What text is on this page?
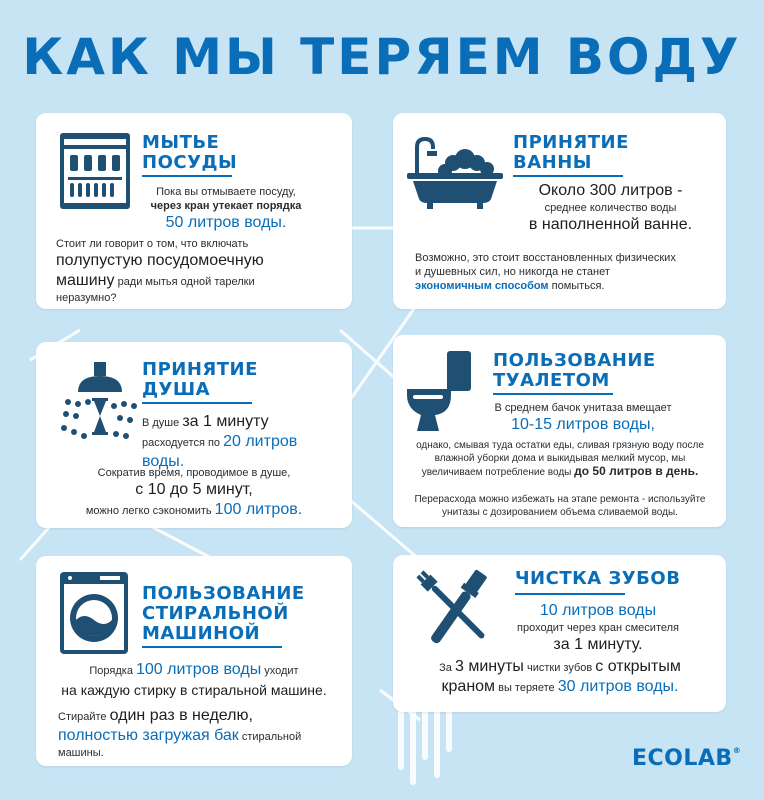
КАК МЫ ТЕРЯЕМ ВОДУ
МЫТЬЕ
ПОСУДЫ
Пока вы отмываете посуду,
через кран утекает порядка
50 литров воды.
Стоит ли говорит о том, что включать
полупустую посудомоечную
машину ради мытья одной тарелки
неразумно?
ПРИНЯТИЕ
ВАННЫ
Около 300 литров -
среднее количество воды
в наполненной ванне.
Возможно, это стоит восстановленных физических
и душевных сил, но никогда не станет
экономичным способом помыться.
ПРИНЯТИЕ
ДУША
В душе за 1 минуту
расходуется по 20 литров
воды.
Сократив время, проводимое в душе,
с 10 до 5 минут,
можно легко сэкономить 100 литров.
ПОЛЬЗОВАНИЕ
ТУАЛЕТОМ
В среднем бачок унитаза вмещает
10-15 литров воды,
однако, смывая туда остатки еды, сливая грязную воду после
влажной уборки дома и выкидывая мелкий мусор, мы
увеличиваем потребление воды до 50 литров в день.
Перерасхода можно избежать на этапе ремонта - используйте
унитазы с дозированием объема сливаемой воды.
ПОЛЬЗОВАНИЕ
СТИРАЛЬНОЙ
МАШИНОЙ
Порядка 100 литров воды уходит
на каждую стирку в стиральной машине.
Стирайте один раз в неделю,
полностью загружая бак стиральной
машины.
ЧИСТКА ЗУБОВ
10 литров воды
проходит через кран смесителя
за 1 минуту.
За 3 минуты чистки зубов с открытым
краном вы теряете 30 литров воды.
ECOLAB®
